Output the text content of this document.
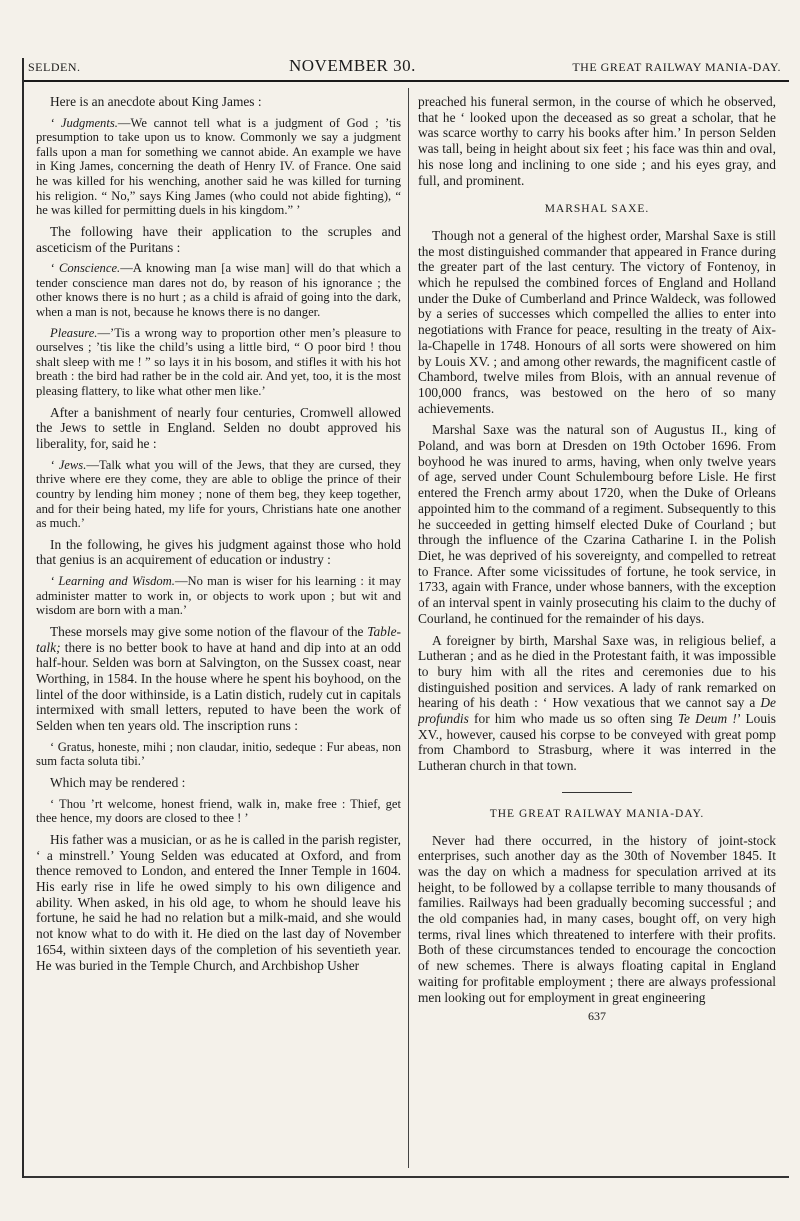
SELDEN.	NOVEMBER 30.	THE GREAT RAILWAY MANIA-DAY.

Here is an anecdote about King James :

‘ Judgments.—We cannot tell what is a judgment of God ; ’tis presumption to take upon us to know. Commonly we say a judgment falls upon a man for something we cannot abide. An example we have in King James, concerning the death of Henry IV. of France. One said he was killed for his wenching, another said he was killed for turning his religion. “ No,” says King James (who could not abide fighting), “ he was killed for permitting duels in his kingdom.” ’

The following have their application to the scruples and asceticism of the Puritans :

‘ Conscience.—A knowing man [a wise man] will do that which a tender conscience man dares not do, by reason of his ignorance ; the other knows there is no hurt ; as a child is afraid of going into the dark, when a man is not, because he knows there is no danger.

Pleasure.—’Tis a wrong way to proportion other men’s pleasure to ourselves ; ’tis like the child’s using a little bird, “ O poor bird ! thou shalt sleep with me ! ” so lays it in his bosom, and stifles it with his hot breath : the bird had rather be in the cold air. And yet, too, it is the most pleasing flattery, to like what other men like.’

After a banishment of nearly four centuries, Cromwell allowed the Jews to settle in England. Selden no doubt approved his liberality, for, said he :

‘ Jews.—Talk what you will of the Jews, that they are cursed, they thrive where ere they come, they are able to oblige the prince of their country by lending him money ; none of them beg, they keep together, and for their being hated, my life for yours, Christians hate one another as much.’

In the following, he gives his judgment against those who hold that genius is an acquirement of education or industry :

‘ Learning and Wisdom.—No man is wiser for his learning : it may administer matter to work in, or objects to work upon ; but wit and wisdom are born with a man.’

These morsels may give some notion of the flavour of the Table-talk; there is no better book to have at hand and dip into at an odd half-hour. Selden was born at Salvington, on the Sussex coast, near Worthing, in 1584. In the house where he spent his boyhood, on the lintel of the door withinside, is a Latin distich, rudely cut in capitals intermixed with small letters, reputed to have been the work of Selden when ten years old. The inscription runs :

‘ Gratus, honeste, mihi ; non claudar, initio, sedeque : Fur abeas, non sum facta soluta tibi.’

Which may be rendered :

‘ Thou ’rt welcome, honest friend, walk in, make free : Thief, get thee hence, my doors are closed to thee ! ’

His father was a musician, or as he is called in the parish register, ‘ a minstrell.’ Young Selden was educated at Oxford, and from thence removed to London, and entered the Inner Temple in 1604. His early rise in life he owed simply to his own diligence and ability. When asked, in his old age, to whom he should leave his fortune, he said he had no relation but a milk-maid, and she would not know what to do with it. He died on the last day of November 1654, within sixteen days of the completion of his seventieth year. He was buried in the Temple Church, and Archbishop Usher

preached his funeral sermon, in the course of which he observed, that he ‘ looked upon the deceased as so great a scholar, that he was scarce worthy to carry his books after him.’ In person Selden was tall, being in height about six feet ; his face was thin and oval, his nose long and inclining to one side ; and his eyes gray, and full, and prominent.

MARSHAL SAXE.

Though not a general of the highest order, Marshal Saxe is still the most distinguished commander that appeared in France during the greater part of the last century. The victory of Fontenoy, in which he repulsed the combined forces of England and Holland under the Duke of Cumberland and Prince Waldeck, was followed by a series of successes which compelled the allies to enter into negotiations with France for peace, resulting in the treaty of Aix-la-Chapelle in 1748. Honours of all sorts were showered on him by Louis XV. ; and among other rewards, the magnificent castle of Chambord, twelve miles from Blois, with an annual revenue of 100,000 francs, was bestowed on the hero of so many achievements.

Marshal Saxe was the natural son of Augustus II., king of Poland, and was born at Dresden on 19th October 1696. From boyhood he was inured to arms, having, when only twelve years of age, served under Count Schulembourg before Lisle. He first entered the French army about 1720, when the Duke of Orleans appointed him to the command of a regiment. Subsequently to this he succeeded in getting himself elected Duke of Courland ; but through the influence of the Czarina Catharine I. in the Polish Diet, he was deprived of his sovereignty, and compelled to retreat to France. After some vicissitudes of fortune, he took service, in 1733, again with France, under whose banners, with the exception of an interval spent in vainly prosecuting his claim to the duchy of Courland, he continued for the remainder of his days.

A foreigner by birth, Marshal Saxe was, in religious belief, a Lutheran ; and as he died in the Protestant faith, it was impossible to bury him with all the rites and ceremonies due to his distinguished position and services. A lady of rank remarked on hearing of his death : ‘ How vexatious that we cannot say a De profundis for him who made us so often sing Te Deum !’ Louis XV., however, caused his corpse to be conveyed with great pomp from Chambord to Strasburg, where it was interred in the Lutheran church in that town.

THE GREAT RAILWAY MANIA-DAY.

Never had there occurred, in the history of joint-stock enterprises, such another day as the 30th of November 1845. It was the day on which a madness for speculation arrived at its height, to be followed by a collapse terrible to many thousands of families. Railways had been gradually becoming successful ; and the old companies had, in many cases, bought off, on very high terms, rival lines which threatened to interfere with their profits. Both of these circumstances tended to encourage the concoction of new schemes. There is always floating capital in England waiting for profitable employment ; there are always professional men looking out for employment in great engineering

637
